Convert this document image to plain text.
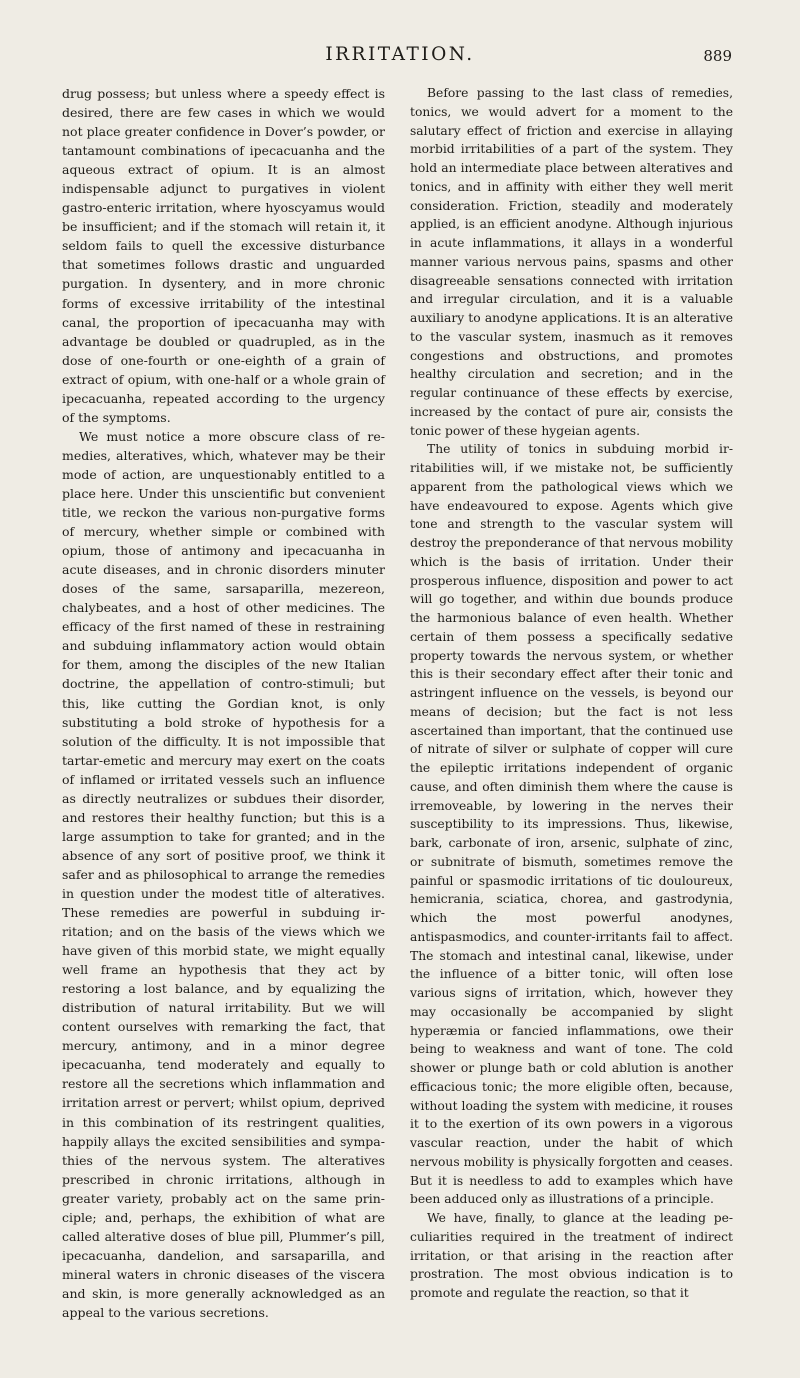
IRRITATION.	889

drug possess; but unless where a speedy effect is desired, there are few cases in which we would not place greater confidence in Dover’s powder, or tantamount combinations of ipecacuanha and the aqueous extract of opium. It is an almost indispensable adjunct to purgatives in violent gastro-enteric irritation, where hyoscyamus would be insufficient; and if the stomach will retain it, it seldom fails to quell the excessive disturbance that sometimes follows drastic and unguarded purgation. In dysentery, and in more chronic forms of excessive irritability of the intestinal canal, the proportion of ipecacuanha may with advantage be doubled or quadrupled, as in the dose of one-fourth or one-eighth of a grain of extract of opium, with one-half or a whole grain of ipecacuanha, repeated according to the urgency of the symptoms.

We must notice a more obscure class of remedies, alteratives, which, whatever may be their mode of action, are unquestionably entitled to a place here. Under this unscientific but convenient title, we reckon the various non-purgative forms of mercury, whether simple or combined with opium, those of antimony and ipecacuanha in acute diseases, and in chronic disorders minuter doses of the same, sarsaparilla, mezereon, chalybeates, and a host of other medicines. The efficacy of the first named of these in restraining and subduing inflammatory action would obtain for them, among the disciples of the new Italian doctrine, the appellation of contro-stimuli; but this, like cutting the Gordian knot, is only substituting a bold stroke of hypothesis for a solution of the difficulty. It is not impossible that tartar-emetic and mercury may exert on the coats of inflamed or irritated vessels such an influence as directly neutralizes or subdues their disorder, and restores their healthy function; but this is a large assumption to take for granted; and in the absence of any sort of positive proof, we think it safer and as philosophical to arrange the remedies in question under the modest title of alteratives. These remedies are powerful in subduing irritation; and on the basis of the views which we have given of this morbid state, we might equally well frame an hypothesis that they act by restoring a lost balance, and by equalizing the distribution of natural irritability. But we will content ourselves with remarking the fact, that mercury, antimony, and in a minor degree ipecacuanha, tend moderately and equally to restore all the secretions which inflammation and irritation arrest or pervert; whilst opium, deprived in this combination of its restringent qualities, happily allays the excited sensibilities and sympathies of the nervous system. The alteratives prescribed in chronic irritations, although in greater variety, probably act on the same principle; and, perhaps, the exhibition of what are called alterative doses of blue pill, Plummer’s pill, ipecacuanha, dandelion, and sarsaparilla, and mineral waters in chronic diseases of the viscera and skin, is more generally acknowledged as an appeal to the various secretions.

Before passing to the last class of remedies, tonics, we would advert for a moment to the salutary effect of friction and exercise in allaying morbid irritabilities of a part of the system. They hold an intermediate place between alteratives and tonics, and in affinity with either they well merit consideration. Friction, steadily and moderately applied, is an efficient anodyne. Although injurious in acute inflammations, it allays in a wonderful manner various nervous pains, spasms and other disagreeable sensations connected with irritation and irregular circulation, and it is a valuable auxiliary to anodyne applications. It is an alterative to the vascular system, inasmuch as it removes congestions and obstructions, and promotes healthy circulation and secretion; and in the regular continuance of these effects by exercise, increased by the contact of pure air, consists the tonic power of these hygeian agents.

The utility of tonics in subduing morbid irritabilities will, if we mistake not, be sufficiently apparent from the pathological views which we have endeavoured to expose. Agents which give tone and strength to the vascular system will destroy the preponderance of that nervous mobility which is the basis of irritation. Under their prosperous influence, disposition and power to act will go together, and within due bounds produce the harmonious balance of even health. Whether certain of them possess a specifically sedative property towards the nervous system, or whether this is their secondary effect after their tonic and astringent influence on the vessels, is beyond our means of decision; but the fact is not less ascertained than important, that the continued use of nitrate of silver or sulphate of copper will cure the epileptic irritations independent of organic cause, and often diminish them where the cause is irremoveable, by lowering in the nerves their susceptibility to its impressions. Thus, likewise, bark, carbonate of iron, arsenic, sulphate of zinc, or subnitrate of bismuth, sometimes remove the painful or spasmodic irritations of tic douloureux, hemicrania, sciatica, chorea, and gastrodynia, which the most powerful anodynes, antispasmodics, and counter-irritants fail to affect. The stomach and intestinal canal, likewise, under the influence of a bitter tonic, will often lose various signs of irritation, which, however they may occasionally be accompanied by slight hyperæmia or fancied inflammations, owe their being to weakness and want of tone. The cold shower or plunge bath or cold ablution is another efficacious tonic; the more eligible often, because, without loading the system with medicine, it rouses it to the exertion of its own powers in a vigorous vascular reaction, under the habit of which nervous mobility is physically forgotten and ceases. But it is needless to add to examples which have been adduced only as illustrations of a principle.

We have, finally, to glance at the leading peculiarities required in the treatment of indirect irritation, or that arising in the reaction after prostration. The most obvious indication is to promote and regulate the reaction, so that it
